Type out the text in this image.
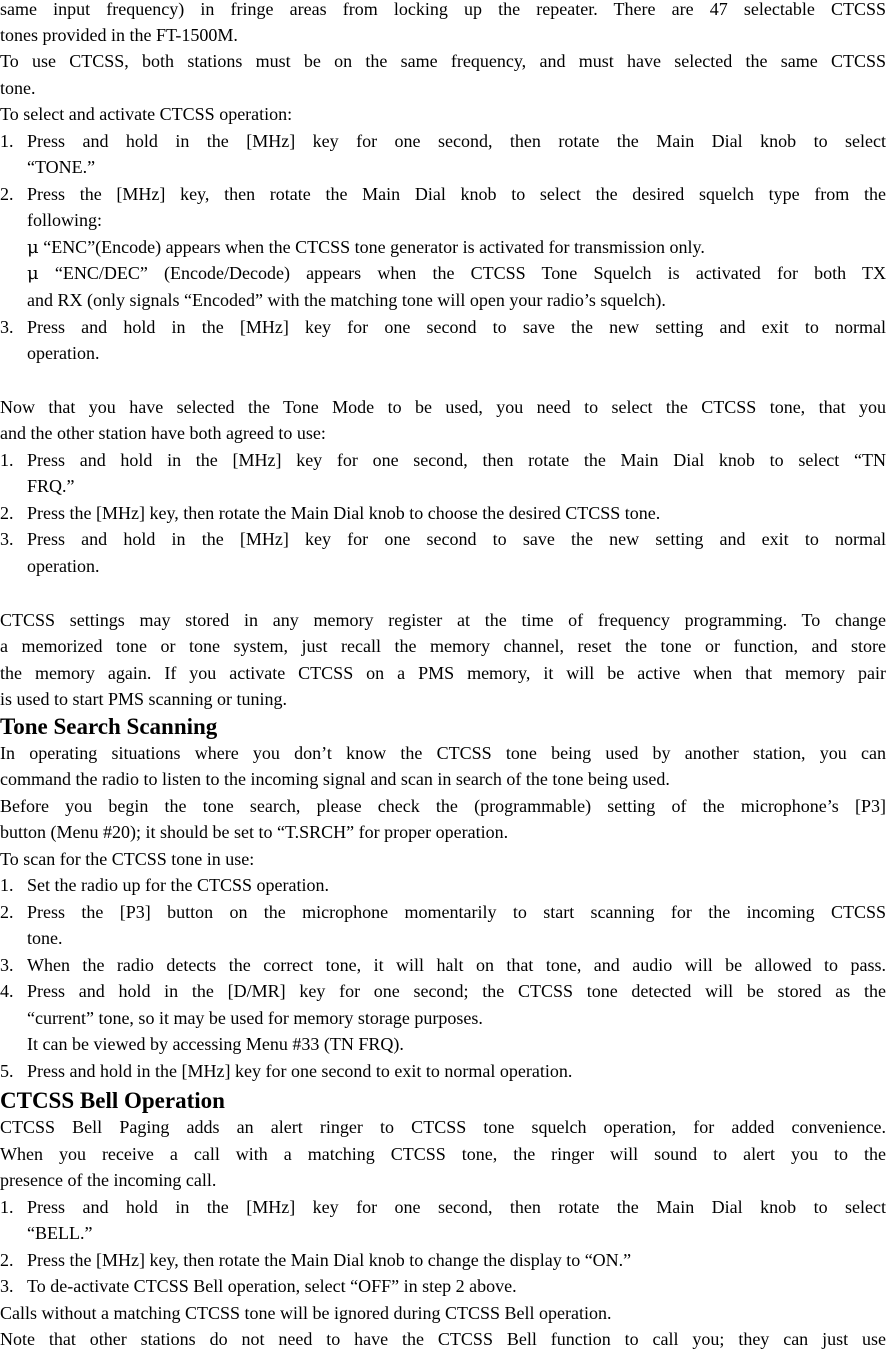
same input frequency) in fringe areas from locking up the repeater. There are 47 selectable CTCSS
tones provided in the FT-1500M.
To use CTCSS, both stations must be on the same frequency, and must have selected the same CTCSS
tone.
To select and activate CTCSS operation:
1. Press and hold in the [MHz] key for one second, then rotate the Main Dial knob to select
“TONE.”
2. Press the [MHz] key, then rotate the Main Dial knob to select the desired squelch type from the
following:
μ “ENC”(Encode) appears when the CTCSS tone generator is activated for transmission only.
μ “ENC/DEC” (Encode/Decode) appears when the CTCSS Tone Squelch is activated for both TX
and RX (only signals “Encoded” with the matching tone will open your radio’s squelch).
3. Press and hold in the [MHz] key for one second to save the new setting and exit to normal
operation.
Now that you have selected the Tone Mode to be used, you need to select the CTCSS tone, that you
and the other station have both agreed to use:
1. Press and hold in the [MHz] key for one second, then rotate the Main Dial knob to select “TN
FRQ.”
2. Press the [MHz] key, then rotate the Main Dial knob to choose the desired CTCSS tone.
3. Press and hold in the [MHz] key for one second to save the new setting and exit to normal
operation.
CTCSS settings may stored in any memory register at the time of frequency programming. To change
a memorized tone or tone system, just recall the memory channel, reset the tone or function, and store
the memory again. If you activate CTCSS on a PMS memory, it will be active when that memory pair
is used to start PMS scanning or tuning.
Tone Search Scanning
In operating situations where you don’t know the CTCSS tone being used by another station, you can
command the radio to listen to the incoming signal and scan in search of the tone being used.
Before you begin the tone search, please check the (programmable) setting of the microphone’s [P3]
button (Menu #20); it should be set to “T.SRCH” for proper operation.
To scan for the CTCSS tone in use:
1. Set the radio up for the CTCSS operation.
2. Press the [P3] button on the microphone momentarily to start scanning for the incoming CTCSS
tone.
3. When the radio detects the correct tone, it will halt on that tone, and audio will be allowed to pass.
4. Press and hold in the [D/MR] key for one second; the CTCSS tone detected will be stored as the
“current” tone, so it may be used for memory storage purposes.
It can be viewed by accessing Menu #33 (TN FRQ).
5. Press and hold in the [MHz] key for one second to exit to normal operation.
CTCSS Bell Operation
CTCSS Bell Paging adds an alert ringer to CTCSS tone squelch operation, for added convenience.
When you receive a call with a matching CTCSS tone, the ringer will sound to alert you to the
presence of the incoming call.
1. Press and hold in the [MHz] key for one second, then rotate the Main Dial knob to select
“BELL.”
2. Press the [MHz] key, then rotate the Main Dial knob to change the display to “ON.”
3. To de-activate CTCSS Bell operation, select “OFF” in step 2 above.
Calls without a matching CTCSS tone will be ignored during CTCSS Bell operation.
Note that other stations do not need to have the CTCSS Bell function to call you; they can just use
